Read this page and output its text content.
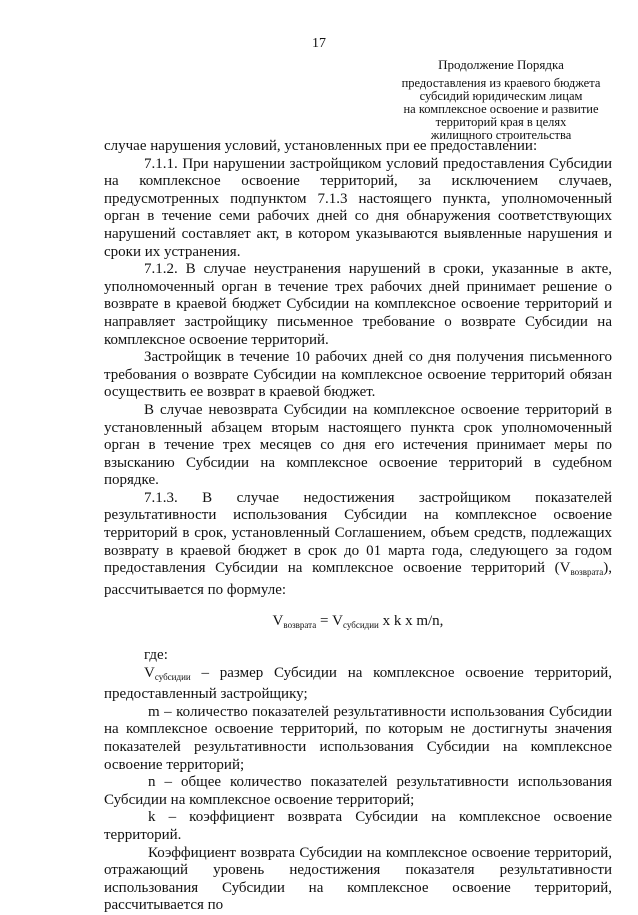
17
Продолжение Порядка
предоставления из краевого бюджета
субсидий юридическим лицам
на комплексное освоение и развитие
территорий края в целях
жилищного строительства

случае нарушения условий, установленных при ее предоставлении:

7.1.1. При нарушении застройщиком условий предоставления Субсидии на комплексное освоение территорий, за исключением случаев, предусмотренных подпунктом 7.1.3 настоящего пункта, уполномоченный орган в течение семи рабочих дней со дня обнаружения соответствующих нарушений составляет акт, в котором указываются выявленные нарушения и сроки их устранения.

7.1.2. В случае неустранения нарушений в сроки, указанные в акте, уполномоченный орган в течение трех рабочих дней принимает решение о возврате в краевой бюджет Субсидии на комплексное освоение территорий и направляет застройщику письменное требование о возврате Субсидии на комплексное освоение территорий.

Застройщик в течение 10 рабочих дней со дня получения письменного требования о возврате Субсидии на комплексное освоение территорий обязан осуществить ее возврат в краевой бюджет.

В случае невозврата Субсидии на комплексное освоение территорий в установленный абзацем вторым настоящего пункта срок уполномоченный орган в течение трех месяцев со дня его истечения принимает меры по взысканию Субсидии на комплексное освоение территорий в судебном порядке.

7.1.3. В случае недостижения застройщиком показателей результативности использования Субсидии на комплексное освоение территорий в срок, установленный Соглашением, объем средств, подлежащих возврату в краевой бюджет в срок до 01 марта года, следующего за годом предоставления Субсидии на комплексное освоение территорий $(V_{возврата})$, рассчитывается по формуле:

$V_{возврата} = V_{субсидии}$ x k x m/n,

где:

$V_{субсидии}$ – размер Субсидии на комплексное освоение территорий, предоставленный застройщику;

m – количество показателей результативности использования Субсидии на комплексное освоение территорий, по которым не достигнуты значения показателей результативности использования Субсидии на комплексное освоение территорий;

n – общее количество показателей результативности использования Субсидии на комплексное освоение территорий;

k – коэффициент возврата Субсидии на комплексное освоение территорий.

Коэффициент возврата Субсидии на комплексное освоение территорий, отражающий уровень недостижения показателя результативности использования Субсидии на комплексное освоение территорий, рассчитывается по
